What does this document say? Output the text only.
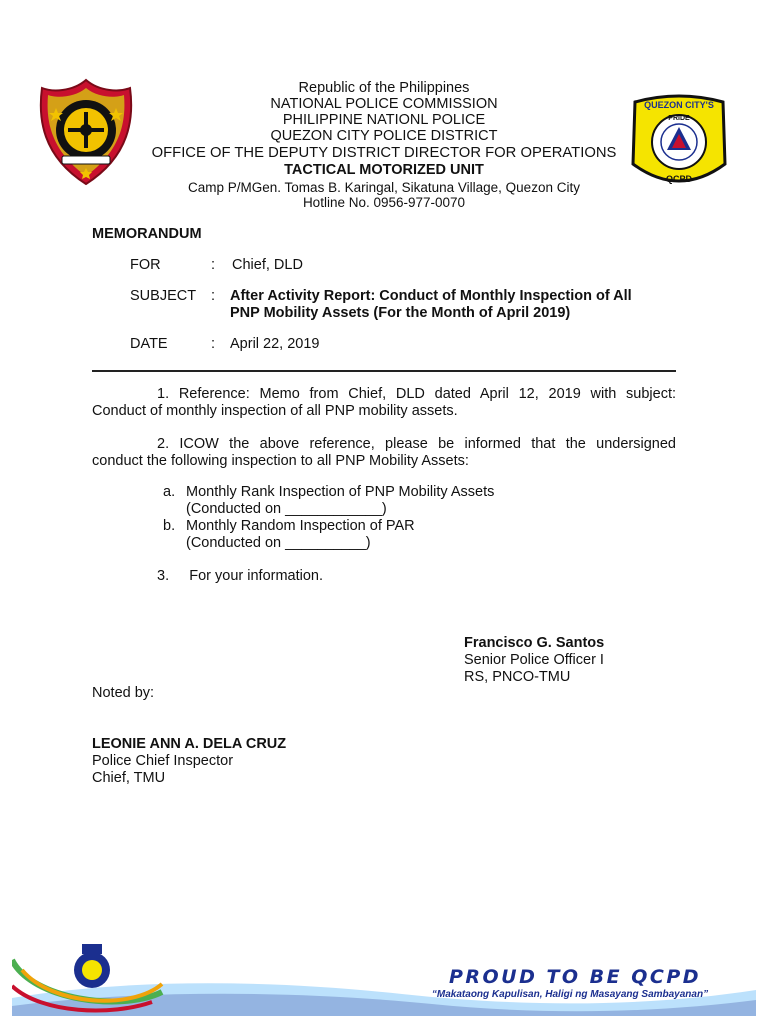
QUEZON CITY'S
PRIDE
QCPD
Republic of the Philippines
NATIONAL POLICE COMMISSION
PHILIPPINE NATIONL POLICE
QUEZON CITY POLICE DISTRICT
OFFICE OF THE DEPUTY DISTRICT DIRECTOR FOR OPERATIONS
TACTICAL MOTORIZED UNIT
Camp P/MGen. Tomas B. Karingal, Sikatuna Village, Quezon City
Hotline No. 0956-977-0070
MEMORANDUM
FOR	: Chief, DLD
SUBJECT : After Activity Report: Conduct of Monthly Inspection of All
PNP Mobility Assets (For the Month of April 2019)
DATE	: April 22, 2019
1. Reference: Memo from Chief, DLD dated April 12, 2019 with subject:
Conduct of monthly inspection of all PNP mobility assets.
2. ICOW the above reference, please be informed that the undersigned
conduct the following inspection to all PNP Mobility Assets:
a. Monthly Rank Inspection of PNP Mobility Assets
(Conducted on ____________)
b. Monthly Random Inspection of PAR
(Conducted on __________)
3.     For your information.
Francisco G. Santos
Senior Police Officer I
RS, PNCO-TMU
Noted by:
LEONIE ANN A. DELA CRUZ
Police Chief Inspector
Chief, TMU
PROUD TO BE QCPD
“Makataong Kapulisan, Haligi ng Masayang Sambayanan”
